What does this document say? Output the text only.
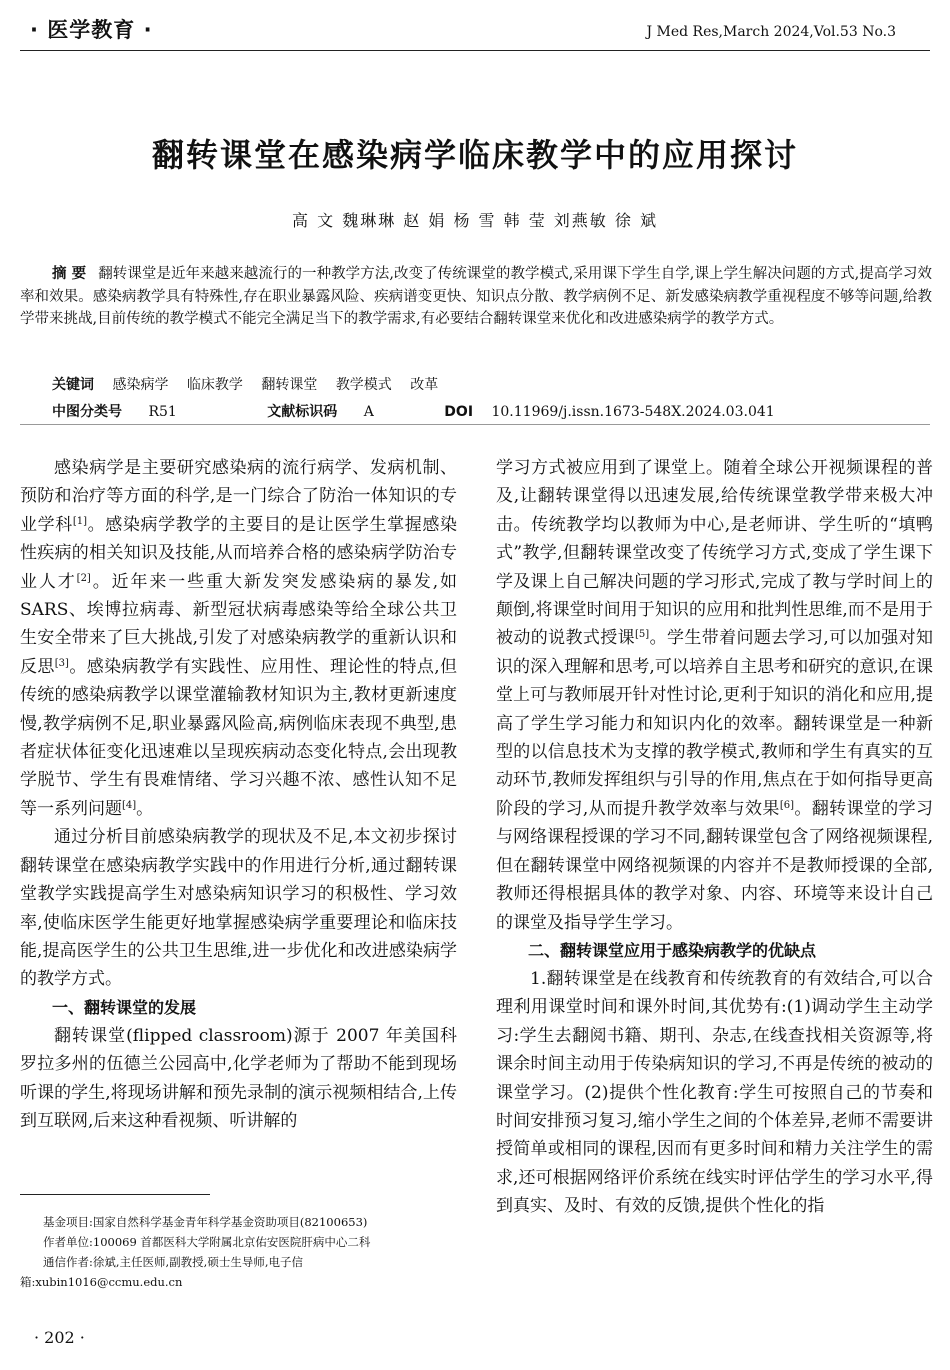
· 医学教育 ·	J Med Res,March 2024,Vol.53 No.3
翻转课堂在感染病学临床教学中的应用探讨
高 文 魏琳琳 赵 娟 杨 雪 韩 莹 刘燕敏 徐 斌

摘 要 翻转课堂是近年来越来越流行的一种教学方法,改变了传统课堂的教学模式,采用课下学生自学,课上学生解决问题的方式,提高学习效率和效果。感染病教学具有特殊性,存在职业暴露风险、疾病谱变更快、知识点分散、教学病例不足、新发感染病教学重视程度不够等问题,给教学带来挑战,目前传统的教学模式不能完全满足当下的教学需求,有必要结合翻转课堂来优化和改进感染病学的教学方式。

关键词 感染病学 临床教学 翻转课堂 教学模式 改革
中图分类号 R51	文献标识码 A	DOI 10.11969/j.issn.1673-548X.2024.03.041

感染病学是主要研究感染病的流行病学、发病机制、预防和治疗等方面的科学,是一门综合了防治一体知识的专业学科[1]。感染病学教学的主要目的是让医学生掌握感染性疾病的相关知识及技能,从而培养合格的感染病学防治专业人才[2]。近年来一些重大新发突发感染病的暴发,如 SARS、埃博拉病毒、新型冠状病毒感染等给全球公共卫生安全带来了巨大挑战,引发了对感染病教学的重新认识和反思[3]。感染病教学有实践性、应用性、理论性的特点,但传统的感染病教学以课堂灌输教材知识为主,教材更新速度慢,教学病例不足,职业暴露风险高,病例临床表现不典型,患者症状体征变化迅速难以呈现疾病动态变化特点,会出现教学脱节、学生有畏难情绪、学习兴趣不浓、感性认知不足等一系列问题[4]。

通过分析目前感染病教学的现状及不足,本文初步探讨翻转课堂在感染病教学实践中的作用进行分析,通过翻转课堂教学实践提高学生对感染病知识学习的积极性、学习效率,使临床医学生能更好地掌握感染病学重要理论和临床技能,提高医学生的公共卫生思维,进一步优化和改进感染病学的教学方式。

一、翻转课堂的发展

翻转课堂(flipped classroom)源于 2007 年美国科罗拉多州的伍德兰公园高中,化学老师为了帮助不能到现场听课的学生,将现场讲解和预先录制的演示视频相结合,上传到互联网,后来这种看视频、听讲解的

学习方式被应用到了课堂上。随着全球公开视频课程的普及,让翻转课堂得以迅速发展,给传统课堂教学带来极大冲击。传统教学均以教师为中心,是老师讲、学生听的“填鸭式”教学,但翻转课堂改变了传统学习方式,变成了学生课下学及课上自己解决问题的学习形式,完成了教与学时间上的颠倒,将课堂时间用于知识的应用和批判性思维,而不是用于被动的说教式授课[5]。学生带着问题去学习,可以加强对知识的深入理解和思考,可以培养自主思考和研究的意识,在课堂上可与教师展开针对性讨论,更利于知识的消化和应用,提高了学生学习能力和知识内化的效率。翻转课堂是一种新型的以信息技术为支撑的教学模式,教师和学生有真实的互动环节,教师发挥组织与引导的作用,焦点在于如何指导更高阶段的学习,从而提升教学效率与效果[6]。翻转课堂的学习与网络课程授课的学习不同,翻转课堂包含了网络视频课程,但在翻转课堂中网络视频课的内容并不是教师授课的全部,教师还得根据具体的教学对象、内容、环境等来设计自己的课堂及指导学生学习。

二、翻转课堂应用于感染病教学的优缺点

1.翻转课堂是在线教育和传统教育的有效结合,可以合理利用课堂时间和课外时间,其优势有:(1)调动学生主动学习:学生去翻阅书籍、期刊、杂志,在线查找相关资源等,将课余时间主动用于传染病知识的学习,不再是传统的被动的课堂学习。(2)提供个性化教育:学生可按照自己的节奏和时间安排预习复习,缩小学生之间的个体差异,老师不需要讲授简单或相同的课程,因而有更多时间和精力关注学生的需求,还可根据网络评价系统在线实时评估学生的学习水平,得到真实、及时、有效的反馈,提供个性化的指

基金项目:国家自然科学基金青年科学基金资助项目(82100653)

作者单位:100069 首都医科大学附属北京佑安医院肝病中心二科

通信作者:徐斌,主任医师,副教授,硕士生导师,电子信箱:xubin1016@ccmu.edu.cn

· 202 ·
